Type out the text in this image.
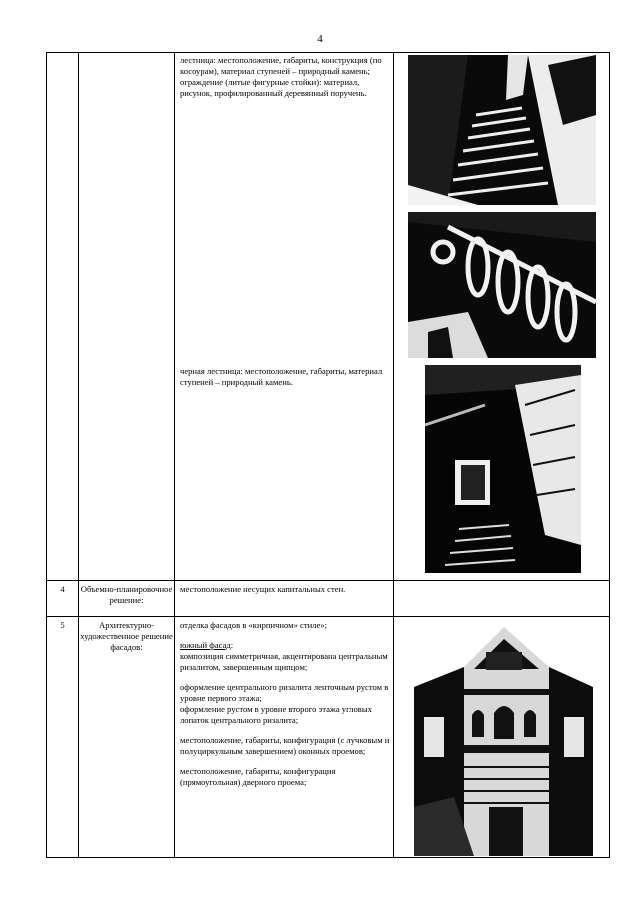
4
лестница: местоположение, габариты, конструкция (по косоурам), материал ступеней – природный камень; ограждение (литые фигурные стойки): материал, рисунок, профилированный деревянный поручень.
черная лестница: местоположение, габариты, материал ступеней – природный камень.
4	Объемно-планировочное решение:
местоположение несущих капитальных стен.
5	Архитектурно-художественное решение фасадов:

отделка фасадов в «кирпичном» стиле»;

южный фасад:

композиция симметричная, акцентирована центральным ризалитом, завершенным щипцом;

оформление центрального ризалита ленточным рустом в уровне первого этажа;

оформление рустом в уровне второго этажа угловых лопаток центрального ризалита;

местоположение, габариты, конфигурация (с лучковым и полуциркульным завершением) оконных проемов;

местоположение, габариты, конфигурация (прямоугольная) дверного проема;
